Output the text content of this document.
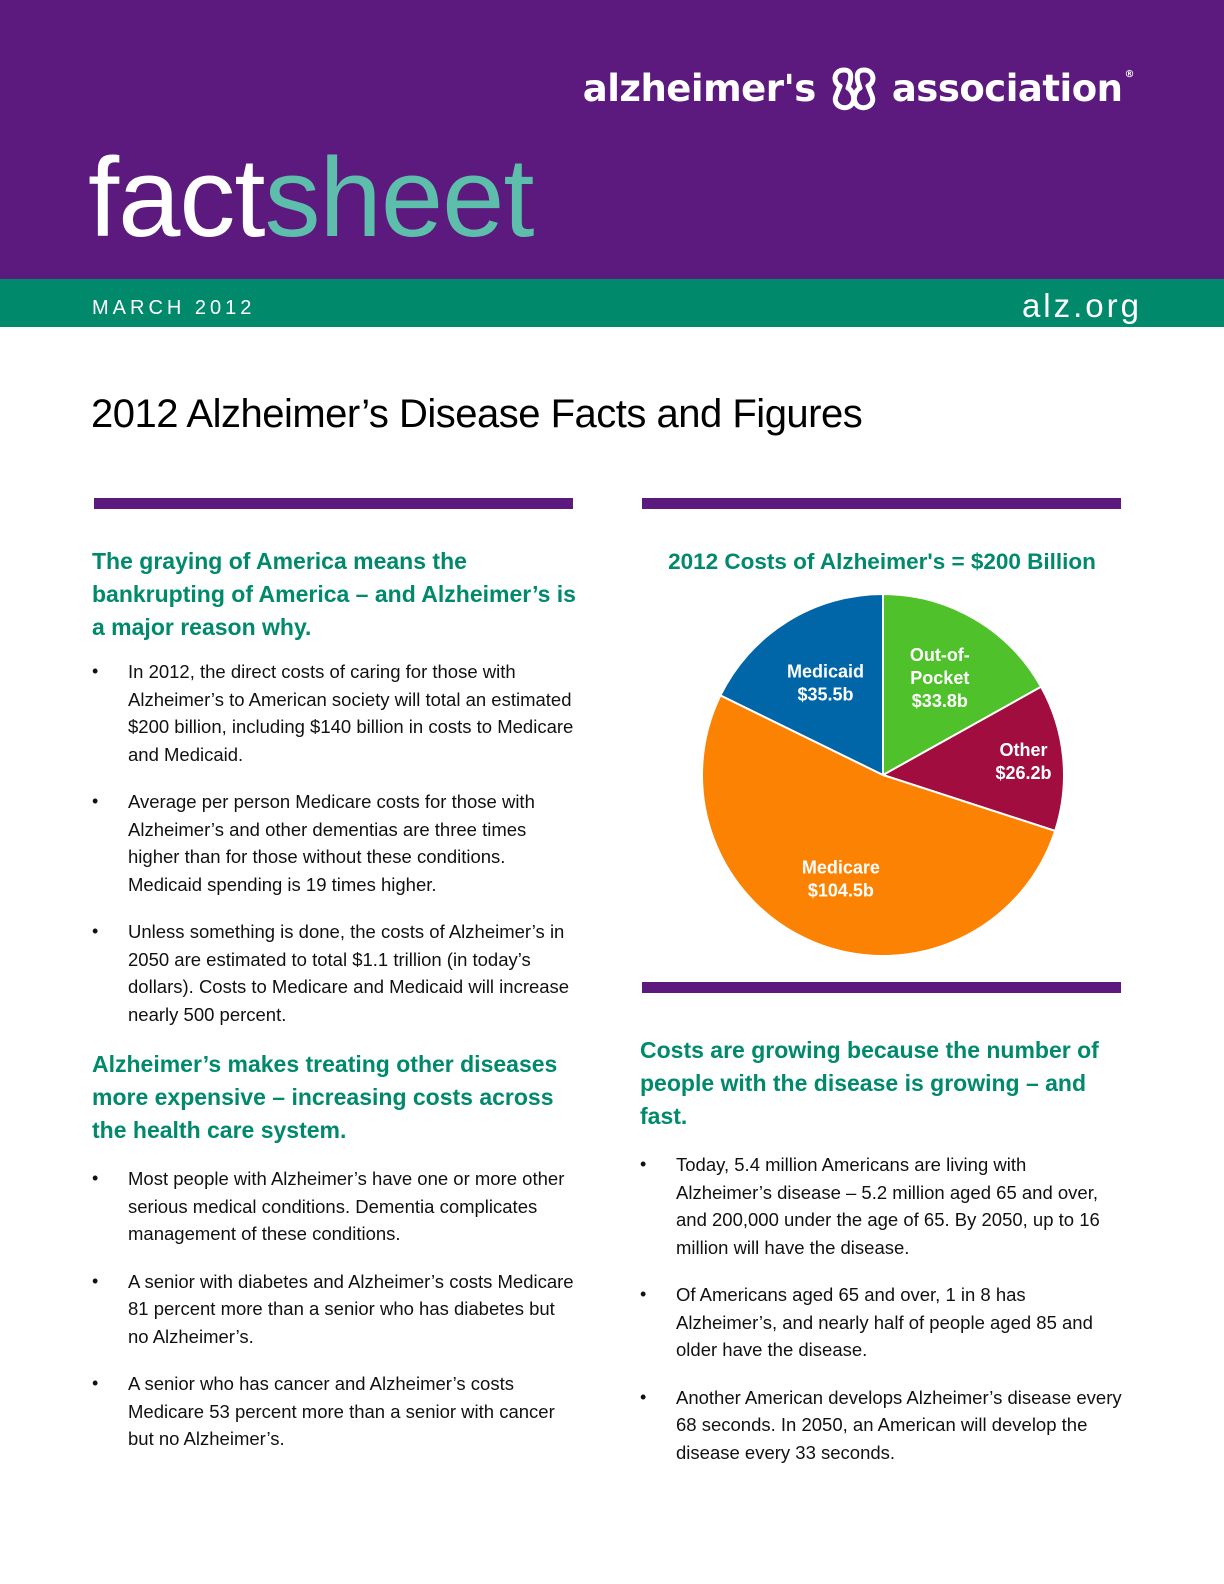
alzheimer's association ®
factsheet
MARCH 2012	alz.org
2012 Alzheimer’s Disease Facts and Figures
The graying of America means the bankrupting of America – and Alzheimer’s is a major reason why.
• In 2012, the direct costs of caring for those with Alzheimer’s to American society will total an estimated $200 billion, including $140 billion in costs to Medicare and Medicaid.
• Average per person Medicare costs for those with Alzheimer’s and other dementias are three times higher than for those without these conditions. Medicaid spending is 19 times higher.
• Unless something is done, the costs of Alzheimer’s in 2050 are estimated to total $1.1 trillion (in today’s dollars). Costs to Medicare and Medicaid will increase nearly 500 percent.
Alzheimer’s makes treating other diseases more expensive – increasing costs across the health care system.
• Most people with Alzheimer’s have one or more other serious medical conditions. Dementia complicates management of these conditions.
• A senior with diabetes and Alzheimer’s costs Medicare 81 percent more than a senior who has diabetes but no Alzheimer’s.
• A senior who has cancer and Alzheimer’s costs Medicare 53 percent more than a senior with cancer but no Alzheimer’s.
2012 Costs of Alzheimer's = $200 Billion
Out-of-Pocket $33.8b
Other $26.2b
Medicare $104.5b
Medicaid $35.5b
Costs are growing because the number of people with the disease is growing – and fast.
• Today, 5.4 million Americans are living with Alzheimer’s disease – 5.2 million aged 65 and over, and 200,000 under the age of 65. By 2050, up to 16 million will have the disease.
• Of Americans aged 65 and over, 1 in 8 has Alzheimer’s, and nearly half of people aged 85 and older have the disease.
• Another American develops Alzheimer’s disease every 68 seconds. In 2050, an American will develop the disease every 33 seconds.
